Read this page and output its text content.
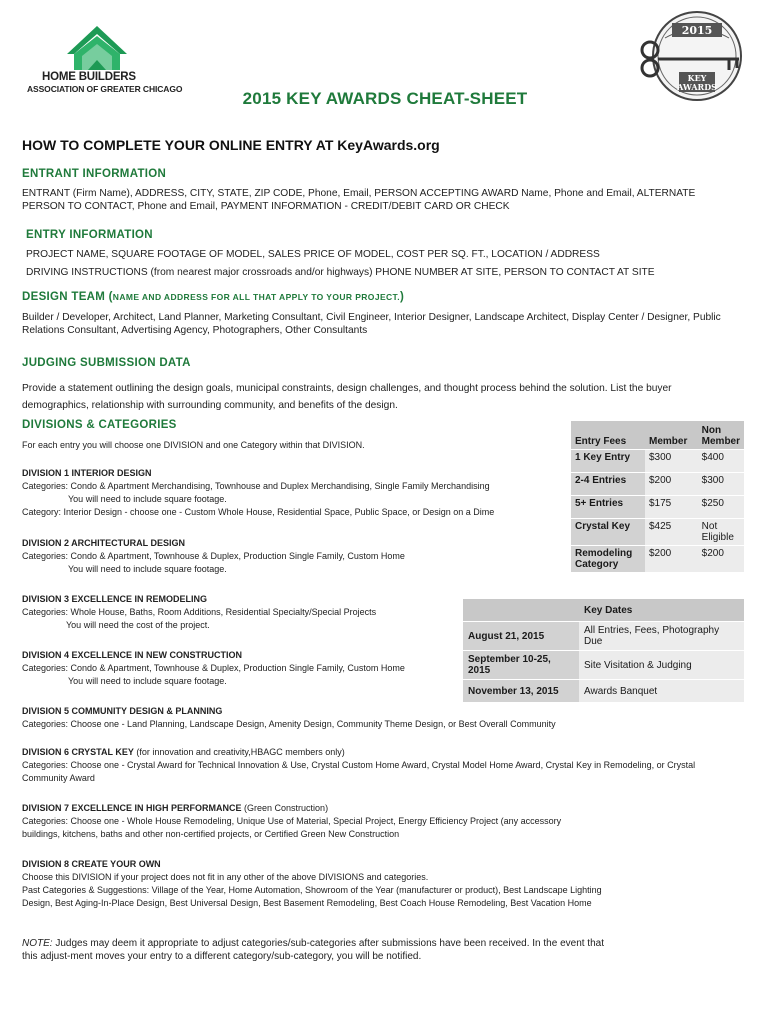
HOME BUILDERS
ASSOCIATION OF GREATER CHICAGO
2015
KEY
AWARDS
2015 KEY AWARDS CHEAT-SHEET
HOW TO COMPLETE YOUR ONLINE ENTRY AT KeyAwards.org
ENTRANT INFORMATION
ENTRANT (Firm Name), ADDRESS, CITY, STATE, ZIP CODE, Phone, Email, PERSON ACCEPTING AWARD Name, Phone and Email, ALTERNATE PERSON TO CONTACT, Phone and Email, PAYMENT INFORMATION - CREDIT/DEBIT CARD OR CHECK
ENTRY INFORMATION
PROJECT NAME, SQUARE FOOTAGE OF MODEL, SALES PRICE OF MODEL, COST PER SQ. FT., LOCATION / ADDRESS
DRIVING INSTRUCTIONS (from nearest major crossroads and/or highways) PHONE NUMBER AT SITE, PERSON TO CONTACT AT SITE
DESIGN TEAM (NAME AND ADDRESS FOR ALL THAT APPLY TO YOUR PROJECT.)
Builder / Developer, Architect, Land Planner, Marketing Consultant, Civil Engineer, Interior Designer, Landscape Architect, Display Center / Designer, Public Relations Consultant, Advertising Agency, Photographers, Other Consultants
JUDGING SUBMISSION DATA
Provide a statement outlining the design goals, municipal constraints, design challenges, and thought process behind the solution. List the buyer demographics, relationship with surrounding community, and benefits of the design.
DIVISIONS & CATEGORIES
For each entry you will choose one DIVISION and one Category within that DIVISION.
DIVISION 1 INTERIOR DESIGN
Categories: Condo & Apartment Merchandising, Townhouse and Duplex Merchandising, Single Family Merchandising
You will need to include square footage.
Category: Interior Design - choose one - Custom Whole House, Residential Space, Public Space, or Design on a Dime
DIVISION 2 ARCHITECTURAL DESIGN
Categories: Condo & Apartment, Townhouse & Duplex, Production Single Family, Custom Home
You will need to include square footage.
DIVISION 3 EXCELLENCE IN REMODELING
Categories: Whole House, Baths, Room Additions, Residential Specialty/Special Projects
You will need the cost of the project.
DIVISION 4 EXCELLENCE IN NEW CONSTRUCTION
Categories: Condo & Apartment, Townhouse & Duplex, Production Single Family, Custom Home
You will need to include square footage.
DIVISION 5 COMMUNITY DESIGN & PLANNING
Categories: Choose one - Land Planning, Landscape Design, Amenity Design, Community Theme Design, or Best Overall Community
DIVISION 6 CRYSTAL KEY (for innovation and creativity,HBAGC members only)
Categories: Choose one - Crystal Award for Technical Innovation & Use, Crystal Custom Home Award, Crystal Model Home Award, Crystal Key in Remodeling, or Crystal Community Award
DIVISION 7 EXCELLENCE IN HIGH PERFORMANCE (Green Construction)
Categories: Choose one - Whole House Remodeling, Unique Use of Material, Special Project, Energy Efficiency Project (any accessory buildings, kitchens, baths and other non-certified projects, or Certified Green New Construction
DIVISION 8 CREATE YOUR OWN
Choose this DIVISION if your project does not fit in any other of the above DIVISIONS and categories.
Past Categories & Suggestions: Village of the Year, Home Automation, Showroom of the Year (manufacturer or product), Best Landscape Lighting Design, Best Aging-In-Place Design, Best Universal Design, Best Basement Remodeling, Best Coach House Remodeling, Best Vacation Home
Entry Fees	Member	Non Member
1 Key Entry	$300	$400
2-4 Entries	$200	$300
5+ Entries	$175	$250
Crystal Key	$425	Not Eligible
Remodeling Category	$200	$200
	Key Dates
August 21, 2015	All Entries, Fees, Photography Due
September 10-25, 2015	Site Visitation & Judging
November 13, 2015	Awards Banquet
NOTE: Judges may deem it appropriate to adjust categories/sub-categories after submissions have been received. In the event that this adjust-ment moves your entry to a different category/sub-category, you will be notified.
